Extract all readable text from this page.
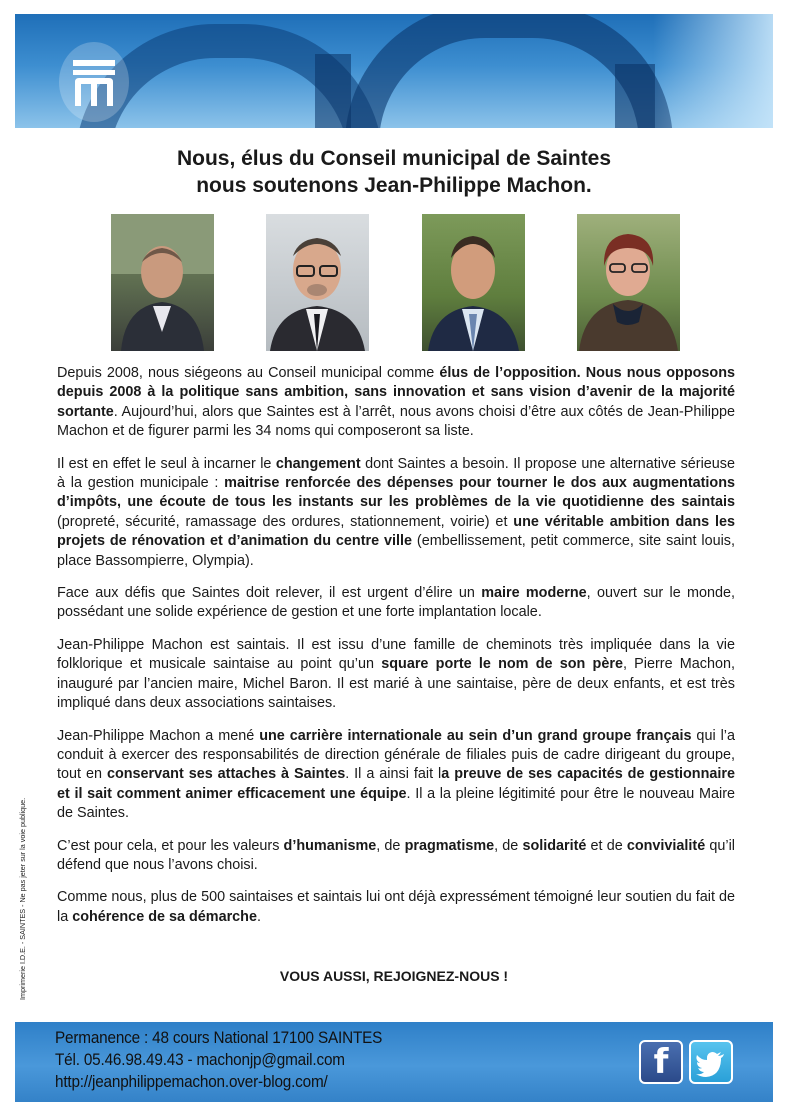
Nous, élus du Conseil municipal de Saintes
nous soutenons Jean-Philippe Machon.

Depuis 2008, nous siégeons au Conseil municipal comme élus de l’opposition. Nous nous opposons depuis 2008 à la politique sans ambition, sans innovation et sans vision d’avenir de la majorité sortante. Aujourd’hui, alors que Saintes est à l’arrêt, nous avons choisi d’être aux côtés de Jean-Philippe Machon et de figurer parmi les 34 noms qui composeront sa liste.

Il est en effet le seul à incarner le changement dont Saintes a besoin. Il propose une alternative sérieuse à la gestion municipale : maitrise renforcée des dépenses pour tourner le dos aux augmentations d’impôts, une écoute de tous les instants sur les problèmes de la vie quotidienne des saintais (propreté, sécurité, ramassage des ordures, stationnement, voirie) et une véritable ambition dans les projets de rénovation et d’animation du centre ville (embellissement, petit commerce, site saint louis, place Bassompierre, Olympia).

Face aux défis que Saintes doit relever, il est urgent d’élire un maire moderne, ouvert sur le monde, possédant une solide expérience de gestion et une forte implantation locale.

Jean-Philippe Machon est saintais. Il est issu d’une famille de cheminots très impliquée dans la vie folklorique et musicale saintaise au point qu’un square porte le nom de son père, Pierre Machon, inauguré par l’ancien maire, Michel Baron. Il est marié à une saintaise, père de deux enfants, et est très impliqué dans deux associations saintaises.

Jean-Philippe Machon a mené une carrière internationale au sein d’un grand groupe français qui l’a conduit à exercer des responsabilités de direction générale de filiales puis de cadre dirigeant du groupe, tout en conservant ses attaches à Saintes. Il a ainsi fait la preuve de ses capacités de gestionnaire et il sait comment animer efficacement une équipe. Il a la pleine légitimité pour être le nouveau Maire de Saintes.

C’est pour cela, et pour les valeurs d’humanisme, de pragmatisme, de solidarité et de convivialité qu’il défend que nous l’avons choisi.

Comme nous, plus de 500 saintaises et saintais lui ont déjà expressément témoigné leur soutien du fait de la cohérence de sa démarche.

VOUS AUSSI, REJOIGNEZ-NOUS !
Imprimerie I.D.E. - SAINTES - Ne pas jeter sur la voie publique.
Permanence : 48 cours National 17100 SAINTES
Tél. 05.46.98.49.43 - machonjp@gmail.com
http://jeanphilippemachon.over-blog.com/	f
